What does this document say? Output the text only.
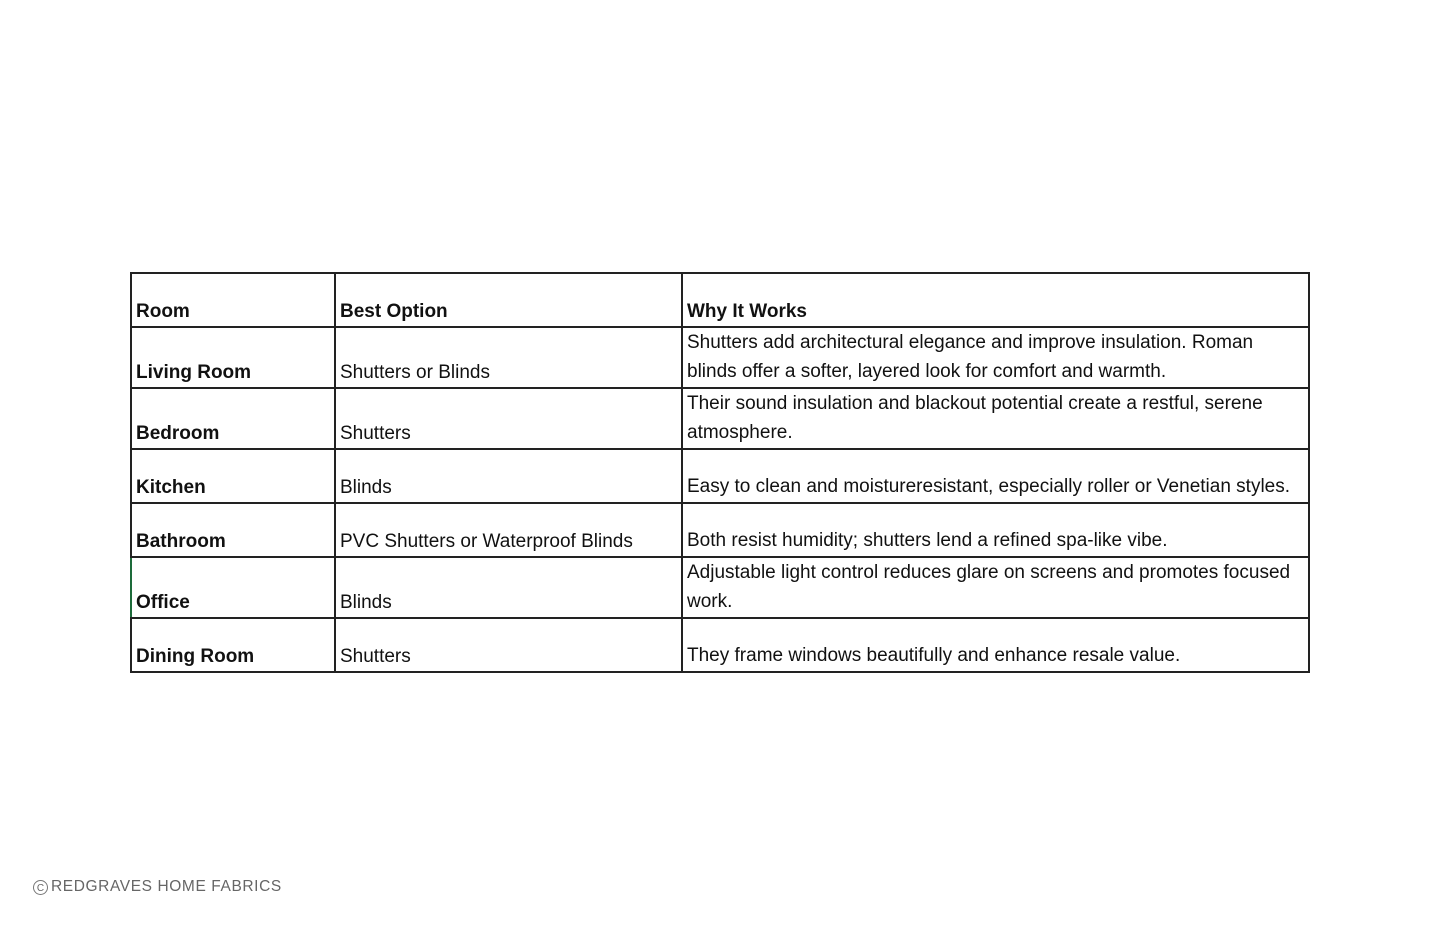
Room	Best Option	Why It Works
Living Room	Shutters or Blinds	Shutters add architectural elegance and improve insulation. Roman blinds offer a softer, layered look for comfort and warmth.
Bedroom	Shutters	Their sound insulation and blackout potential create a restful, serene atmosphere.
Kitchen	Blinds	Easy to clean and moistureresistant, especially roller or Venetian styles.
Bathroom	PVC Shutters or Waterproof Blinds	Both resist humidity; shutters lend a refined spa-like vibe.
Office	Blinds	Adjustable light control reduces glare on screens and promotes focused work.
Dining Room	Shutters	They frame windows beautifully and enhance resale value.
C REDGRAVES HOME FABRICS
